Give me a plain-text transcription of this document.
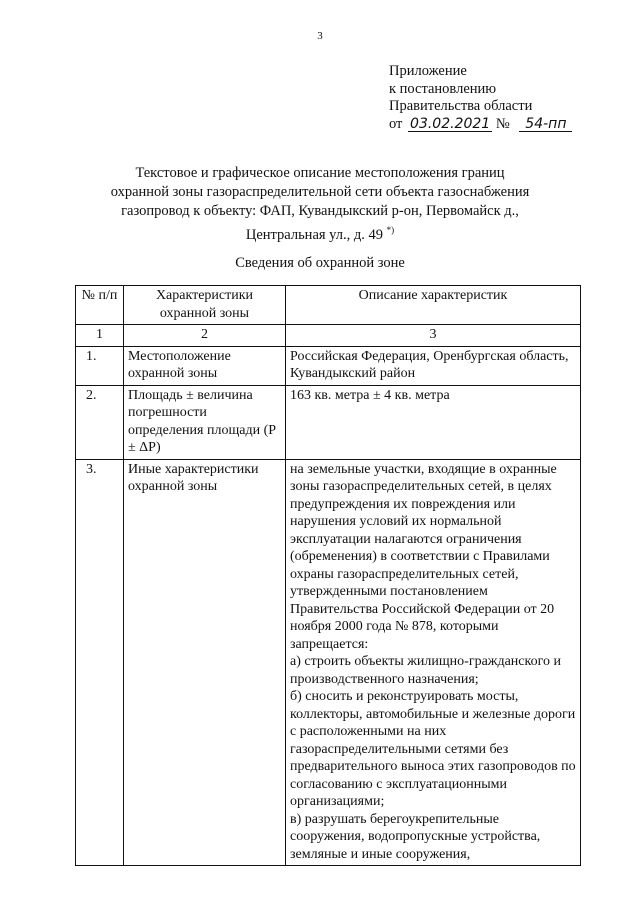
3
Приложение
к постановлению
Правительства области
от 03.02.2021 № 54-пп
Текстовое и графическое описание местоположения границ
охранной зоны газораспределительной сети объекта газоснабжения
газопровод к объекту: ФАП, Кувандыкский р-он, Первомайск д.,
Центральная ул., д. 49 *)
Сведения об охранной зоне
№ п/п	Характеристики охранной зоны	Описание характеристик
1	2	3
1.	Местоположение охранной зоны	Российская Федерация, Оренбургская область, Кувандыкский район
2.	Площадь ± величина погрешности определения площади (Р ± ΔР)	163 кв. метра ± 4 кв. метра
3.	Иные характеристики охранной зоны	на земельные участки, входящие в охранные зоны газораспределительных сетей, в целях предупреждения их повреждения или нарушения условий их нормальной эксплуатации налагаются ограничения (обременения) в соответствии с Правилами охраны газораспределительных сетей, утвержденными постановлением Правительства Российской Федерации от 20 ноября 2000 года № 878, которыми запрещается:
а) строить объекты жилищно-гражданского и производственного назначения;
б) сносить и реконструировать мосты, коллекторы, автомобильные и железные дороги с расположенными на них газораспределительными сетями без предварительного выноса этих газопроводов по согласованию с эксплуатационными организациями;
в) разрушать берегоукрепительные сооружения, водопропускные устройства, земляные и иные сооружения,
